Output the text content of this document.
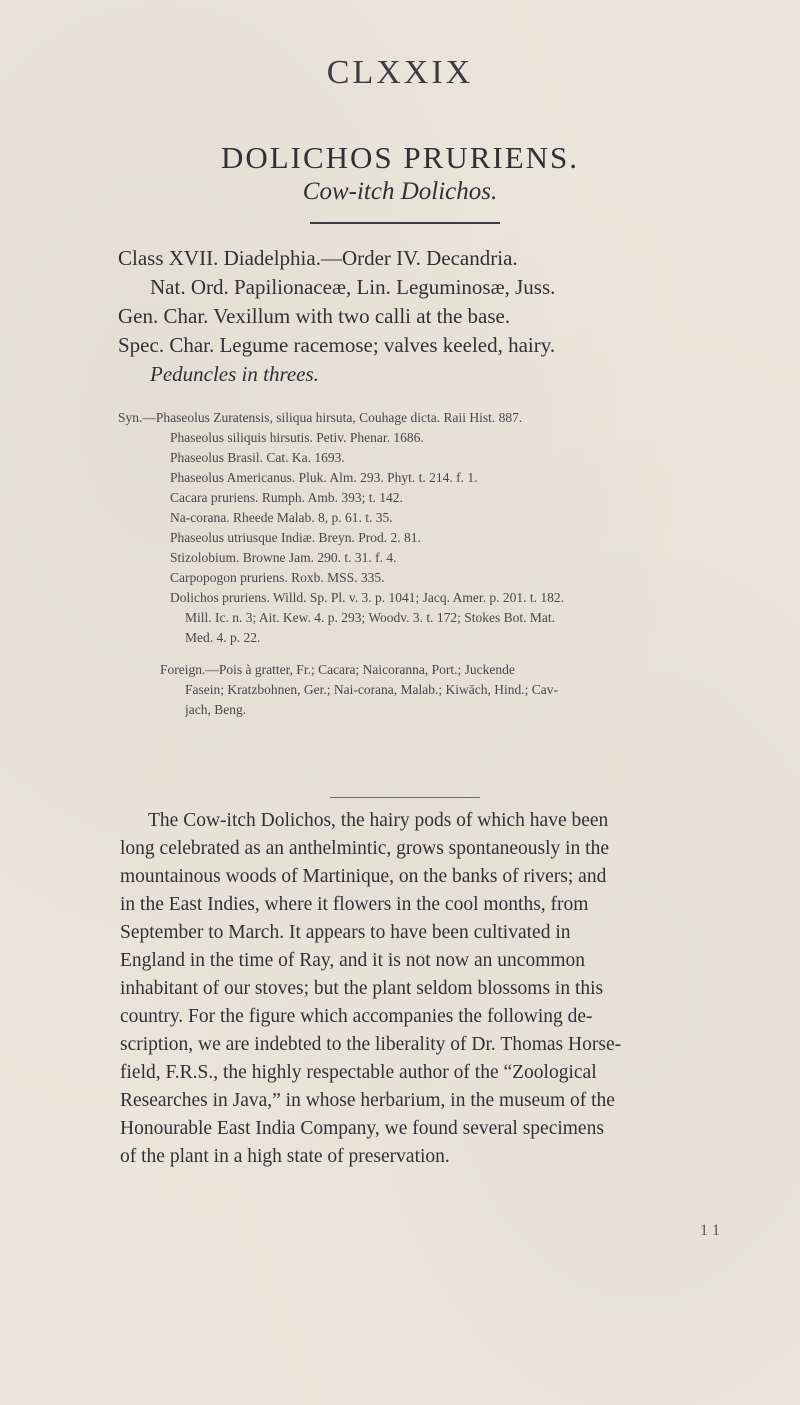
CLXXIX
DOLICHOS PRURIENS.
Cow-itch Dolichos.
Class XVII. Diadelphia.—Order IV. Decandria.
Nat. Ord. Papilionaceæ, Lin. Leguminosæ, Juss.
Gen. Char. Vexillum with two calli at the base.
Spec. Char. Legume racemose; valves keeled, hairy.
Peduncles in threes.
Syn.—Phaseolus Zuratensis, siliqua hirsuta, Couhage dicta. Raii Hist. 887.
Phaseolus siliquis hirsutis. Petiv. Phenar. 1686.
Phaseolus Brasil. Cat. Ka. 1693.
Phaseolus Americanus. Pluk. Alm. 293. Phyt. t. 214. f. 1.
Cacara pruriens. Rumph. Amb. 393; t. 142.
Na-corana. Rheede Malab. 8, p. 61. t. 35.
Phaseolus utriusque Indiæ. Breyn. Prod. 2. 81.
Stizolobium. Browne Jam. 290. t. 31. f. 4.
Carpopogon pruriens. Roxb. MSS. 335.
Dolichos pruriens. Willd. Sp. Pl. v. 3. p. 1041; Jacq. Amer. p. 201. t. 182.
Mill. Ic. n. 3; Ait. Kew. 4. p. 293; Woodv. 3. t. 172; Stokes Bot. Mat.
Med. 4. p. 22.
Foreign.—Pois à gratter, Fr.; Cacara; Naicoranna, Port.; Juckende
Fasein; Kratzbohnen, Ger.; Nai-corana, Malab.; Kiwāch, Hind.; Cav-
jach, Beng.
The Cow-itch Dolichos, the hairy pods of which have been
long celebrated as an anthelmintic, grows spontaneously in the
mountainous woods of Martinique, on the banks of rivers; and
in the East Indies, where it flowers in the cool months, from
September to March. It appears to have been cultivated in
England in the time of Ray, and it is not now an uncommon
inhabitant of our stoves; but the plant seldom blossoms in this
country. For the figure which accompanies the following de-
scription, we are indebted to the liberality of Dr. Thomas Horse-
field, F.R.S., the highly respectable author of the “Zoological
Researches in Java,” in whose herbarium, in the museum of the
Honourable East India Company, we found several specimens
of the plant in a high state of preservation.
1 1
